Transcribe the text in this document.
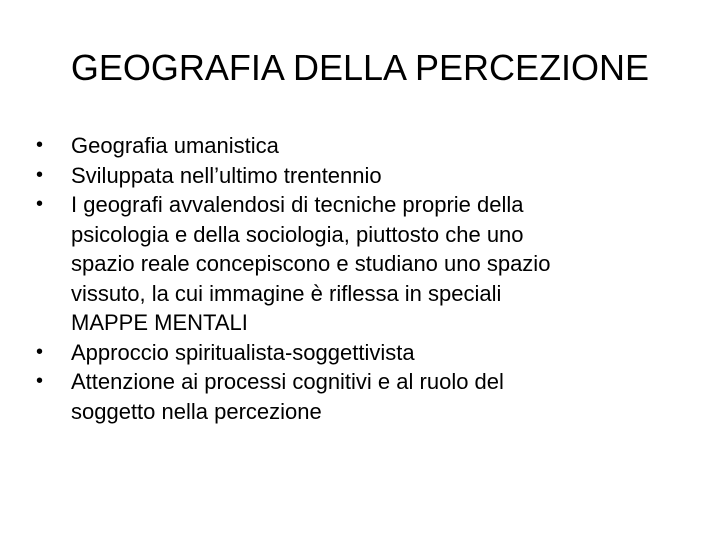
GEOGRAFIA DELLA PERCEZIONE
•	Geografia umanistica
•	Sviluppata nell’ultimo trentennio
•	I geografi avvalendosi di tecniche proprie della
psicologia e della sociologia, piuttosto che uno
spazio reale concepiscono e studiano uno spazio
vissuto, la cui immagine è riflessa in speciali
MAPPE MENTALI
•	Approccio spiritualista-soggettivista
•	Attenzione ai processi cognitivi e al ruolo del
soggetto nella percezione
